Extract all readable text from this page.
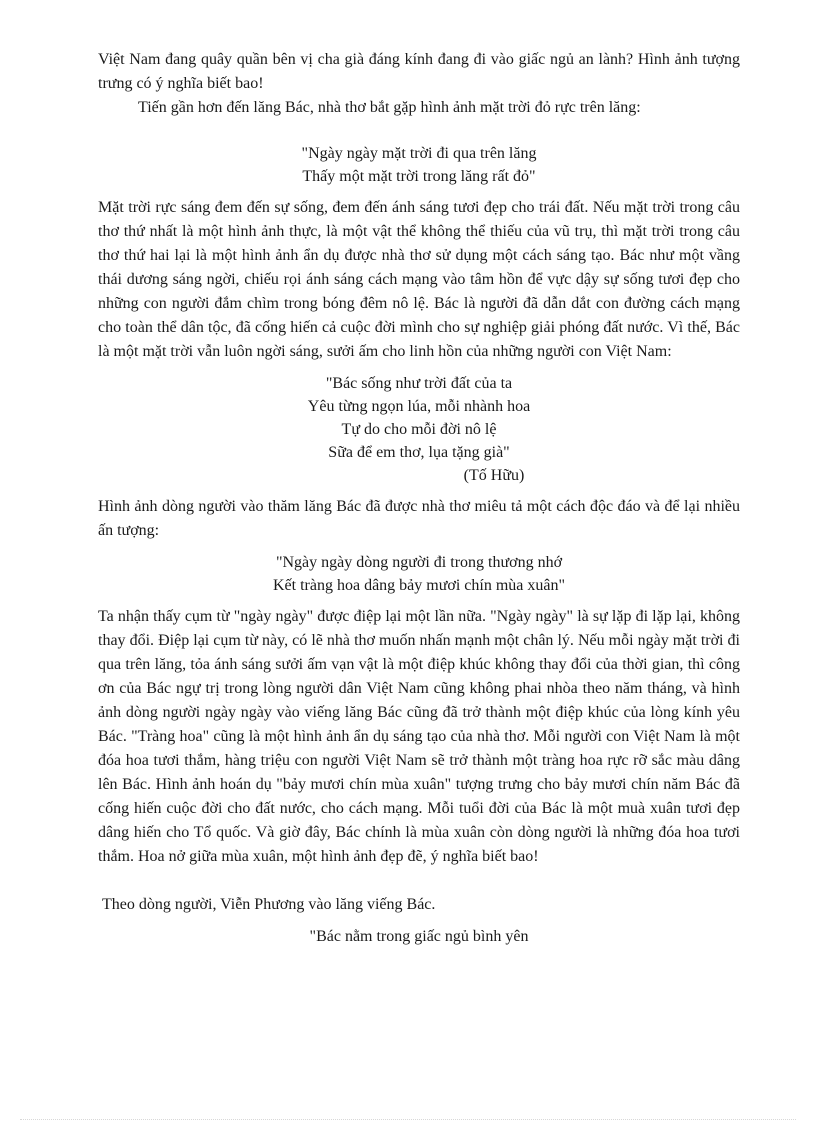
Việt Nam đang quây quần bên vị cha già đáng kính đang đi vào giấc ngủ an lành? Hình ảnh tượng trưng có ý nghĩa biết bao!

Tiến gần hơn đến lăng Bác, nhà thơ bắt gặp hình ảnh mặt trời đỏ rực trên lăng:

"Ngày ngày mặt trời đi qua trên lăng
Thấy một mặt trời trong lăng rất đỏ"

Mặt trời rực sáng đem đến sự sống, đem đến ánh sáng tươi đẹp cho trái đất. Nếu mặt trời trong câu thơ thứ nhất là một hình ảnh thực, là một vật thể không thể thiếu của vũ trụ, thì mặt trời trong câu thơ thứ hai lại là một hình ảnh ẩn dụ được nhà thơ sử dụng một cách sáng tạo. Bác như một vầng thái dương sáng ngời, chiếu rọi ánh sáng cách mạng vào tâm hồn để vực dậy sự sống tươi đẹp cho những con người đắm chìm trong bóng đêm nô lệ. Bác là người đã dẫn dắt con đường cách mạng cho toàn thể dân tộc, đã cống hiến cả cuộc đời mình cho sự nghiệp giải phóng đất nước. Vì thế, Bác là một mặt trời vẫn luôn ngời sáng, sưởi ấm cho linh hồn của những người con Việt Nam:

"Bác sống như trời đất của ta
Yêu từng ngọn lúa, mỗi nhành hoa
Tự do cho mỗi đời nô lệ
Sữa để em thơ, lụa tặng già"
(Tố Hữu)

Hình ảnh dòng người vào thăm lăng Bác đã được nhà thơ miêu tả một cách độc đáo và để lại nhiều ấn tượng:

"Ngày ngày dòng người đi trong thương nhớ
Kết tràng hoa dâng bảy mươi chín mùa xuân"

Ta nhận thấy cụm từ "ngày ngày" được điệp lại một lần nữa. "Ngày ngày" là sự lặp đi lặp lại, không thay đổi. Điệp lại cụm từ này, có lẽ nhà thơ muốn nhấn mạnh một chân lý. Nếu mỗi ngày mặt trời đi qua trên lăng, tỏa ánh sáng sưởi ấm vạn vật là một điệp khúc không thay đổi của thời gian, thì công ơn của Bác ngự trị trong lòng người dân Việt Nam cũng không phai nhòa theo năm tháng, và hình ảnh dòng người ngày ngày vào viếng lăng Bác cũng đã trở thành một điệp khúc của lòng kính yêu Bác. "Tràng hoa" cũng là một hình ảnh ẩn dụ sáng tạo của nhà thơ. Mỗi người con Việt Nam là một đóa hoa tươi thắm, hàng triệu con người Việt Nam sẽ trở thành một tràng hoa rực rỡ sắc màu dâng lên Bác. Hình ảnh hoán dụ "bảy mươi chín mùa xuân" tượng trưng cho bảy mươi chín năm Bác đã cống hiến cuộc đời cho đất nước, cho cách mạng. Mỗi tuổi đời của Bác là một muà xuân tươi đẹp dâng hiến cho Tổ quốc. Và giờ đây, Bác chính là mùa xuân còn dòng người là những đóa hoa tươi thắm. Hoa nở giữa mùa xuân, một hình ảnh đẹp đẽ, ý nghĩa biết bao!

Theo dòng người, Viễn Phương vào lăng viếng Bác.

"Bác nằm trong giấc ngủ bình yên
